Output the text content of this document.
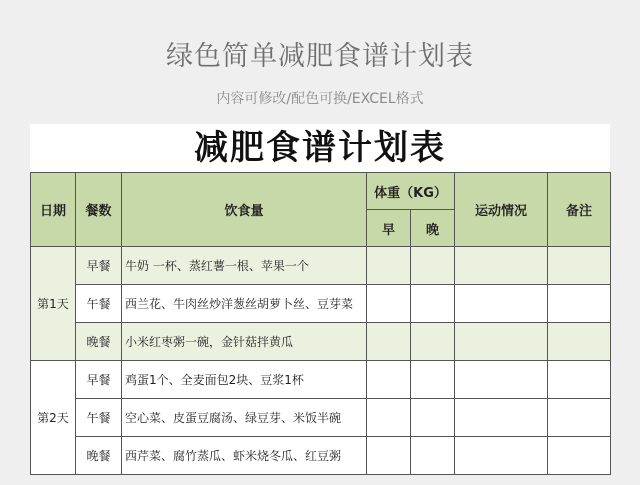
绿色简单减肥食谱计划表
内容可修改/配色可换/EXCEL格式
减肥食谱计划表
日期	餐数	饮食量	体重（KG）		运动情况	备注
			早	晚		
第1天	早餐	牛奶 一杯、蒸红薯一根、苹果一个				
	午餐	西兰花、牛肉丝炒洋葱丝胡萝卜丝、豆芽菜				
	晚餐	小米红枣粥一碗，金针菇拌黄瓜				
第2天	早餐	鸡蛋1个、全麦面包2块、豆浆1杯				
	午餐	空心菜、皮蛋豆腐汤、绿豆芽、米饭半碗				
	晚餐	西芹菜、腐竹蒸瓜、虾米烧冬瓜、红豆粥				
